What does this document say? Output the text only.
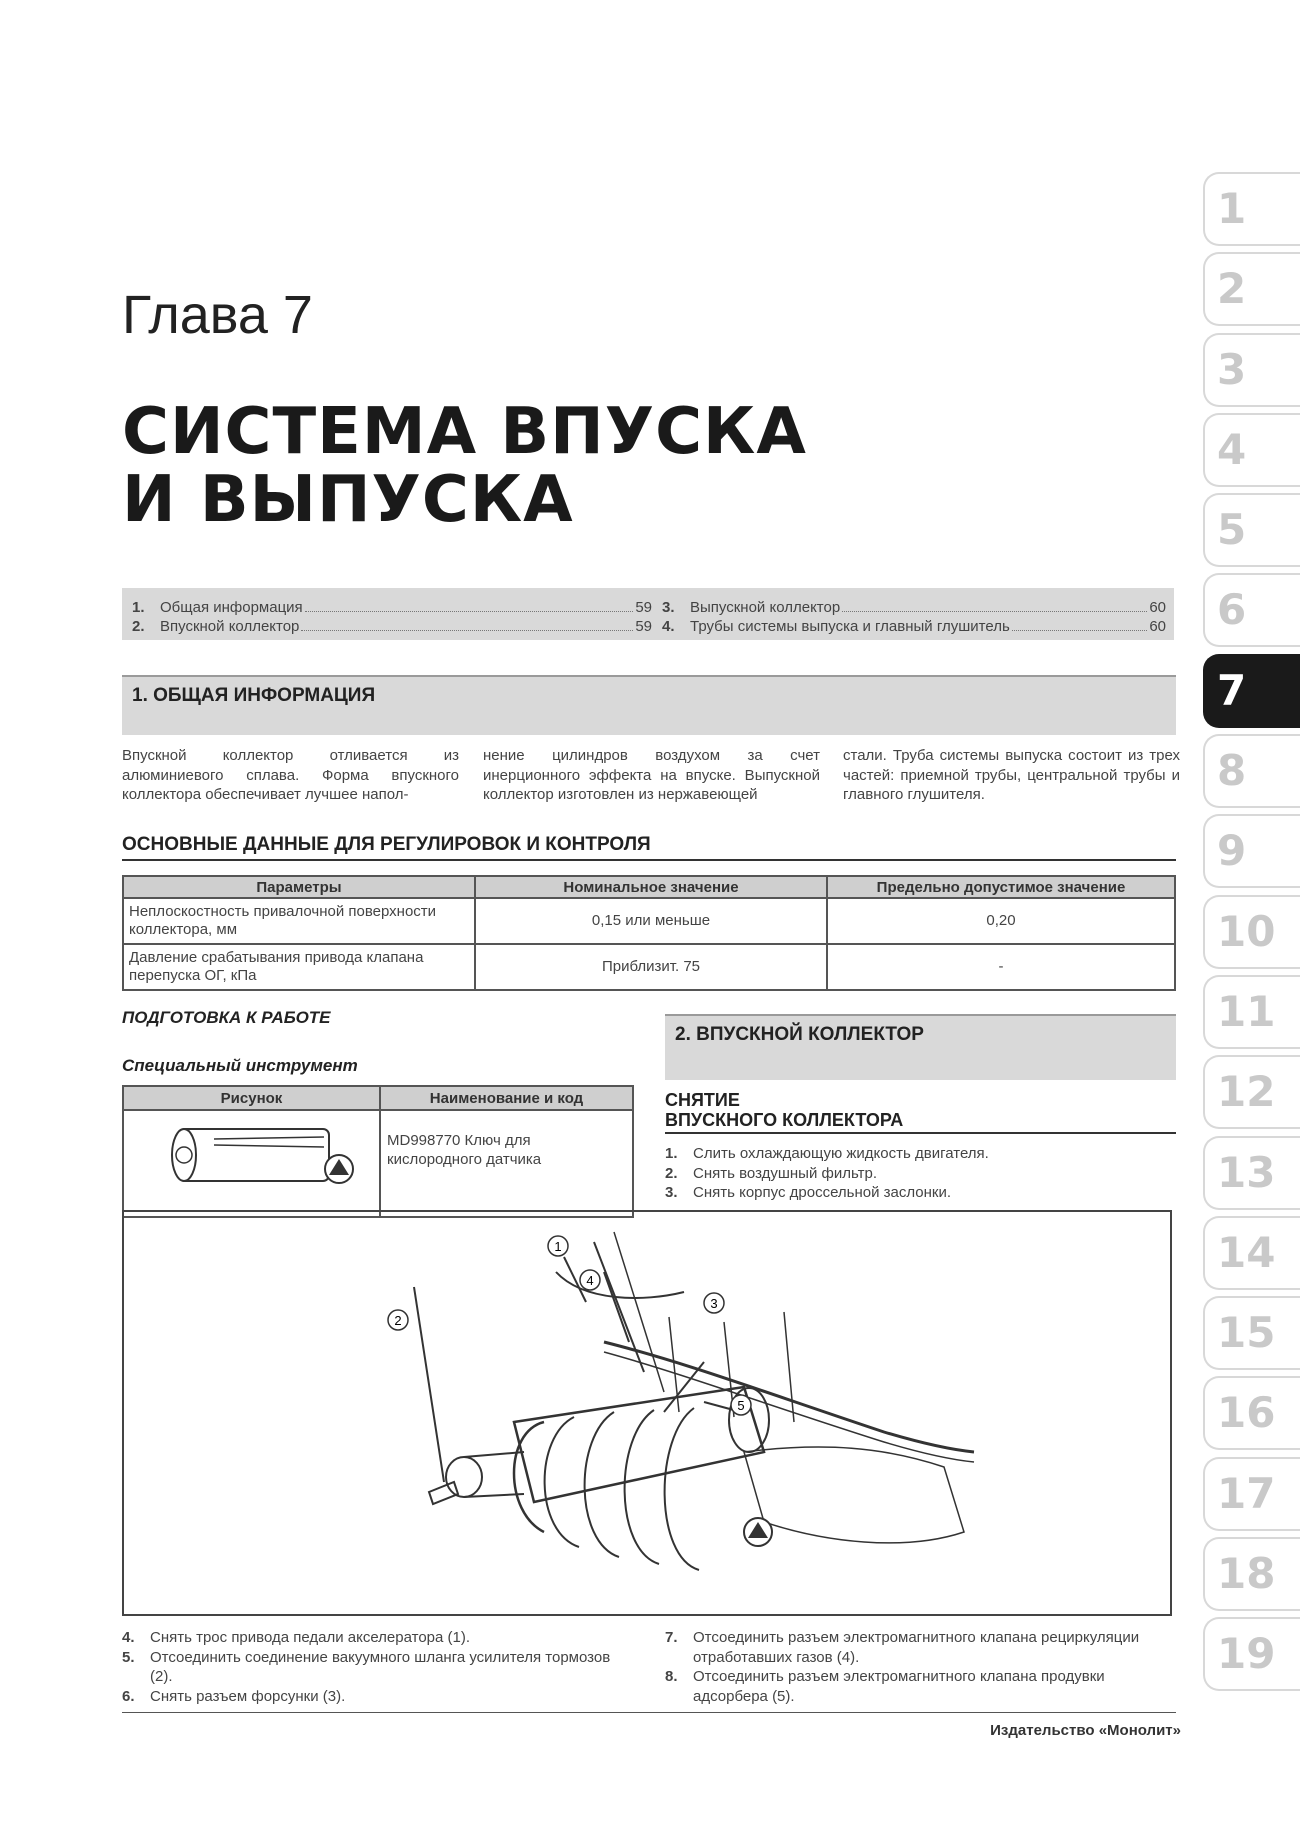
1
2
3
4
5
6
7
8
9
10
11
12
13
14
15
16
17
18
19
Глава 7
СИСТЕМА ВПУСКА
И ВЫПУСКА
1.	Общая информация	59
2.	Впускной коллектор	59
3.	Выпускной коллектор	60
4.	Трубы системы выпуска и главный глушитель	60
1. ОБЩАЯ ИНФОРМАЦИЯ
Впускной коллектор отливается из алюминиевого сплава. Форма впускного коллектора обеспечивает лучшее напол-
нение цилиндров воздухом за счет инерционного эффекта на впуске. Выпускной коллектор изготовлен из нержавеющей
стали. Труба системы выпуска состоит из трех частей: приемной трубы, центральной трубы и главного глушителя.
ОСНОВНЫЕ ДАННЫЕ ДЛЯ РЕГУЛИРОВОК И КОНТРОЛЯ
Параметры	Номинальное значение	Предельно допустимое значение
Неплоскостность привалочной поверхности коллектора, мм	0,15 или меньше	0,20
Давление срабатывания привода клапана перепуска ОГ, кПа	Приблизит. 75	-
ПОДГОТОВКА К РАБОТЕ
Специальный инструмент
Рисунок	Наименование и код
	MD998770 Ключ для кислородного датчика
2. ВПУСКНОЙ КОЛЛЕКТОР
СНЯТИЕ
ВПУСКНОГО КОЛЛЕКТОРА
1.	Слить охлаждающую жидкость двигателя.
2.	Снять воздушный фильтр.
3.	Снять корпус дроссельной заслонки.
1
2
3
4
5
4.	Снять трос привода педали акселератора (1).
5.	Отсоединить соединение вакуумного шланга усилителя тормозов (2).
6.	Снять разъем форсунки (3).
7.	Отсоединить разъем электромагнитного клапана рециркуляции отработавших газов (4).
8.	Отсоединить разъем электромагнитного клапана продувки адсорбера (5).
Издательство «Монолит»
